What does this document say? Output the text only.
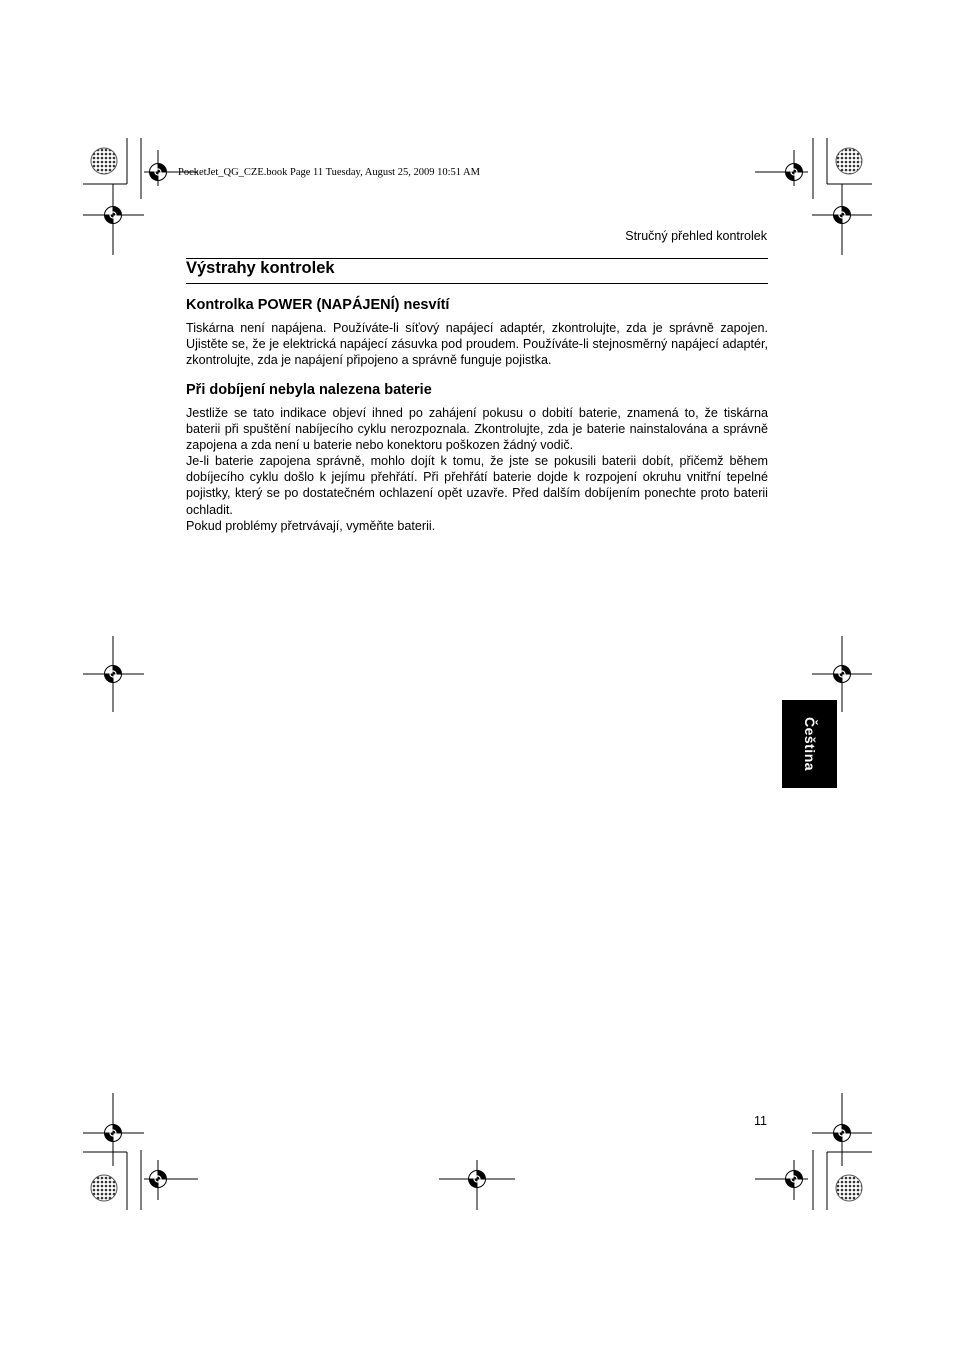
PocketJet_QG_CZE.book Page 11 Tuesday, August 25, 2009 10:51 AM
Stručný přehled kontrolek
Výstrahy kontrolek
Kontrolka POWER (NAPÁJENÍ) nesvítí

Tiskárna není napájena. Používáte-li síťový napájecí adaptér, zkontrolujte, zda je správně zapojen. Ujistěte se, že je elektrická napájecí zásuvka pod proudem. Používáte-li stejnosměrný napájecí adaptér, zkontrolujte, zda je napájení připojeno a správně funguje pojistka.

Při dobíjení nebyla nalezena baterie

Jestliže se tato indikace objeví ihned po zahájení pokusu o dobití baterie, znamená to, že tiskárna baterii při spuštění nabíjecího cyklu nerozpoznala. Zkontrolujte, zda je baterie nainstalována a správně zapojena a zda není u baterie nebo konektoru poškozen žádný vodič.

Je-li baterie zapojena správně, mohlo dojít k tomu, že jste se pokusili baterii dobít, přičemž během dobíjecího cyklu došlo k jejímu přehřátí. Při přehřátí baterie dojde k rozpojení okruhu vnitřní tepelné pojistky, který se po dostatečném ochlazení opět uzavře. Před dalším dobíjením ponechte proto baterii ochladit.

Pokud problémy přetrvávají, vyměňte baterii.

Čeština
11
